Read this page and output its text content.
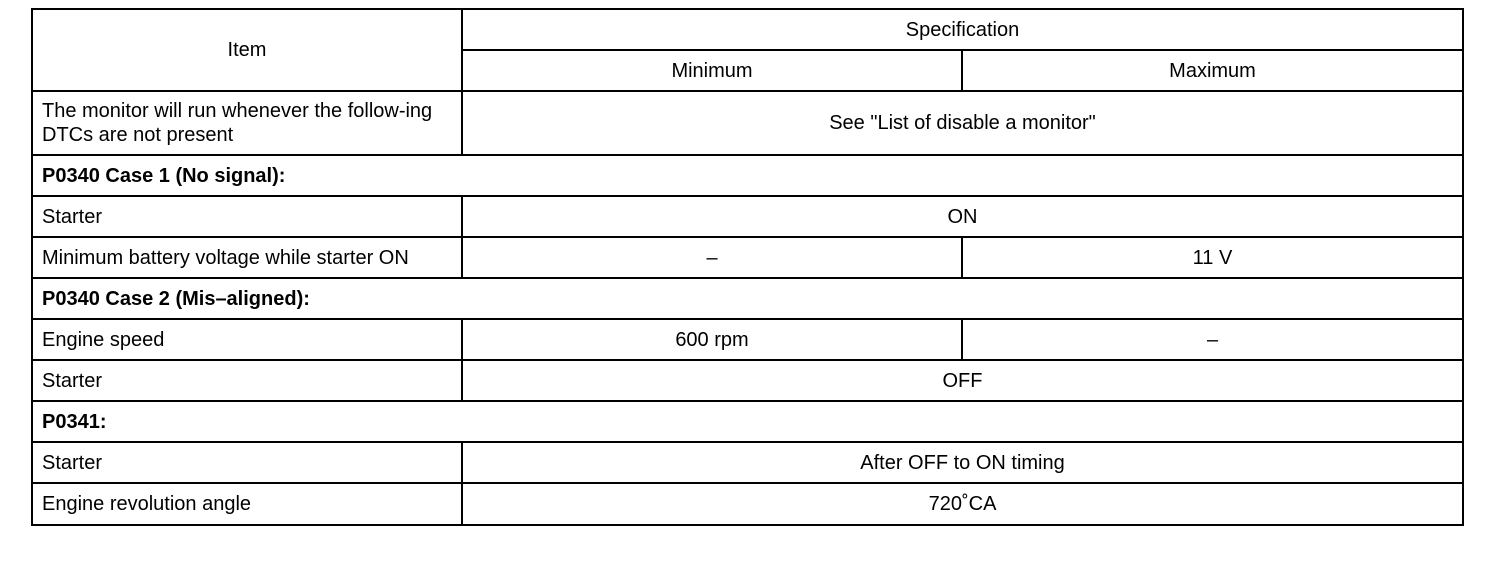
Item	Specification	
	Minimum	Maximum
The monitor will run whenever the follow-ing DTCs are not present	See "List of disable a monitor"	
P0340 Case 1 (No signal):		
Starter	ON	
Minimum battery voltage while starter ON	–	11 V
P0340 Case 2 (Mis–aligned):		
Engine speed	600 rpm	–
Starter	OFF	
P0341:		
Starter	After OFF to ON timing	
Engine revolution angle	720˚CA	
